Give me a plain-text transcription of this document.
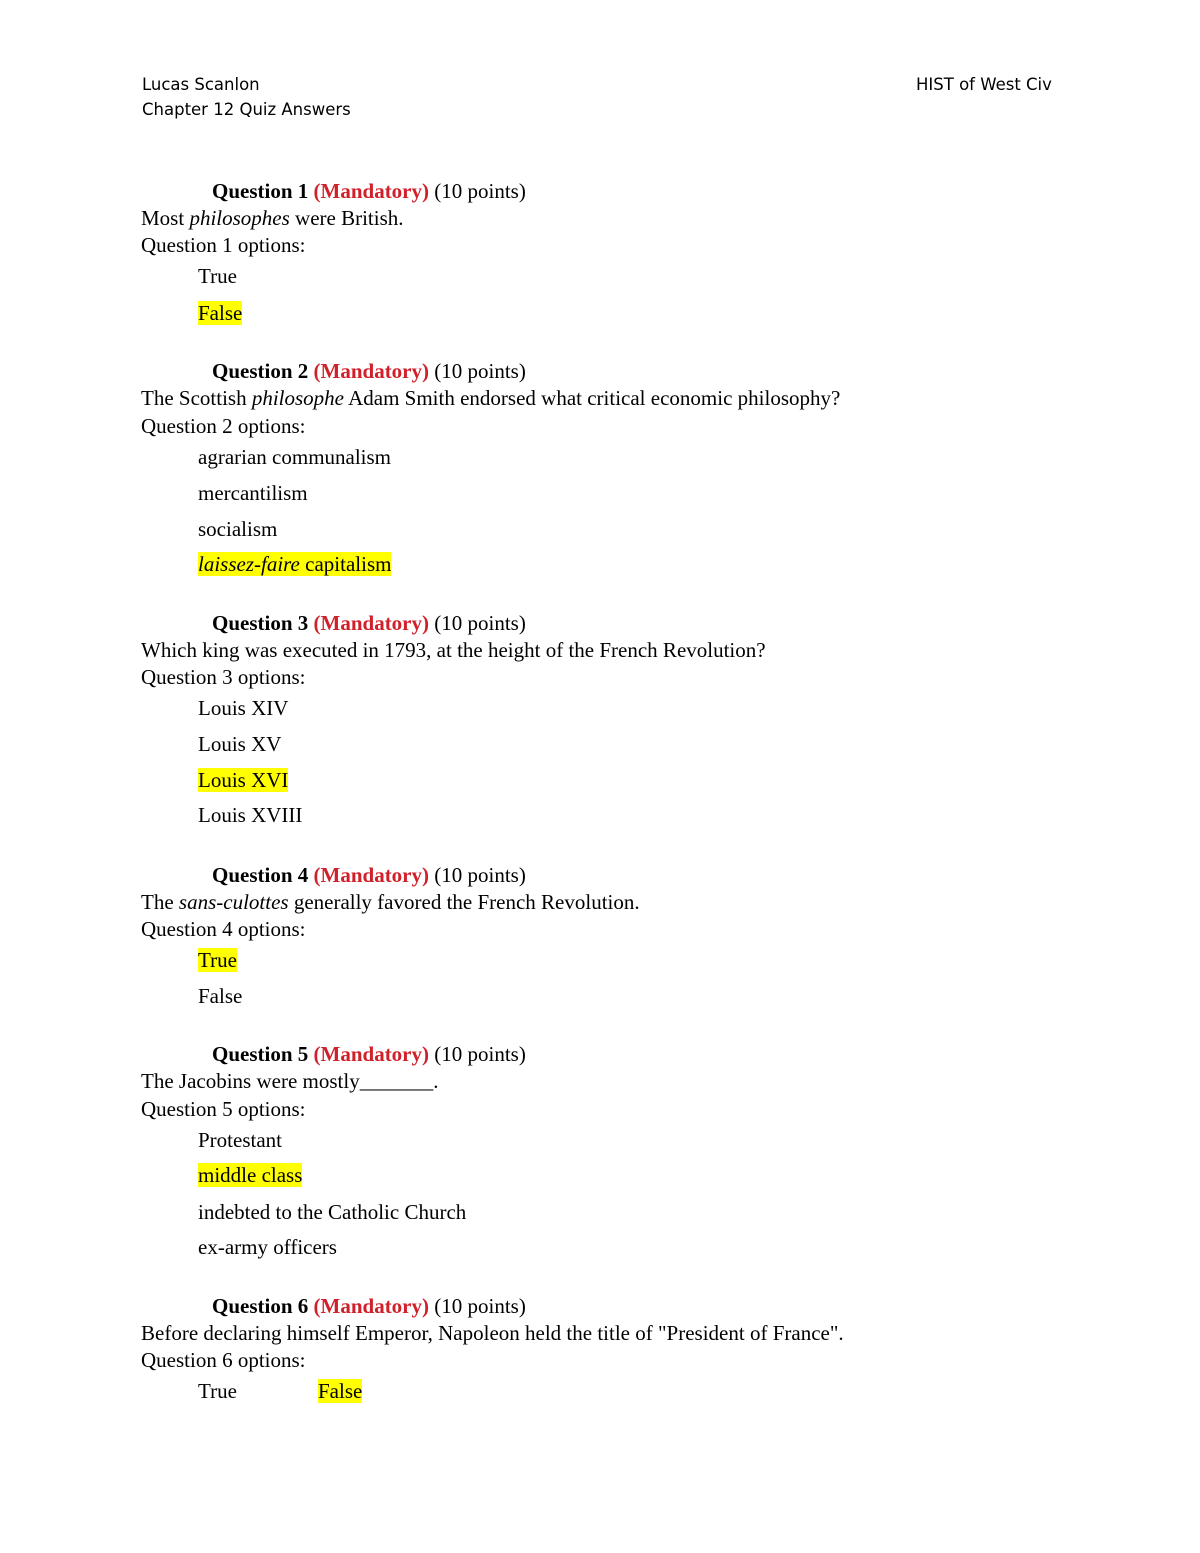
Lucas Scanlon
Chapter 12 Quiz Answers
HIST of West Civ
Question 1 (Mandatory) (10 points)
Most philosophes were British.
Question 1 options:
True
False
Question 2 (Mandatory) (10 points)
The Scottish philosophe Adam Smith endorsed what critical economic philosophy?
Question 2 options:
agrarian communalism
mercantilism
socialism
laissez-faire capitalism
Question 3 (Mandatory) (10 points)
Which king was executed in 1793, at the height of the French Revolution?
Question 3 options:
Louis XIV
Louis XV
Louis XVI
Louis XVIII
Question 4 (Mandatory) (10 points)
The sans-culottes generally favored the French Revolution.
Question 4 options:
True
False
Question 5 (Mandatory) (10 points)
The Jacobins were mostly_______.
Question 5 options:
Protestant
middle class
indebted to the Catholic Church
ex-army officers
Question 6 (Mandatory) (10 points)
Before declaring himself Emperor, Napoleon held the title of "President of France".
Question 6 options:
True	False
